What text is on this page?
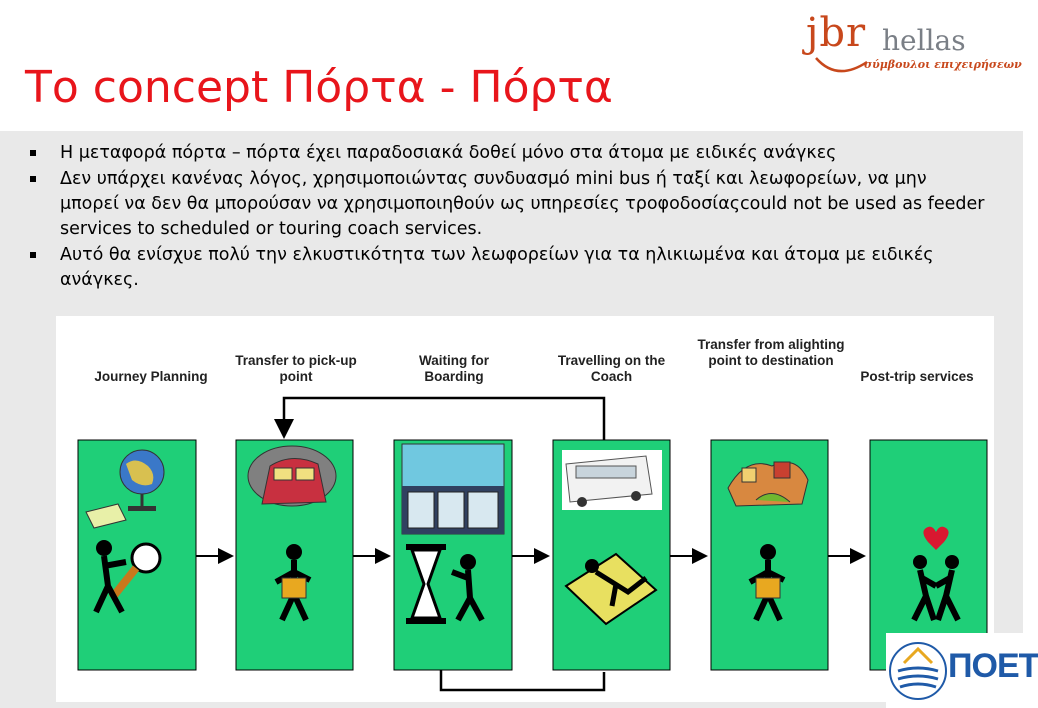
jbr hellas
σύμβουλοι επιχειρήσεων
Το concept Πόρτα - Πόρτα
Η μεταφορά πόρτα – πόρτα έχει παραδοσιακά δοθεί μόνο στα άτομα με ειδικές ανάγκες
Δεν υπάρχει κανένας λόγος, χρησιμοποιώντας συνδυασμό mini bus ή ταξί και λεωφορείων, να μην μπορεί να δεν θα μπορούσαν να χρησιμοποιηθούν ως υπηρεσίες τροφοδοσίαςcould not be used as feeder services to scheduled or touring coach services.
Αυτό θα ενίσχυε πολύ την ελκυστικότητα των λεωφορείων για τα ηλικιωμένα και άτομα με ειδικές ανάγκες.
Journey Planning
Transfer to pick-up point
Waiting for Boarding
Travelling on the Coach
Transfer from alighting point to destination
Post-trip services
ΠΟΕΤ
